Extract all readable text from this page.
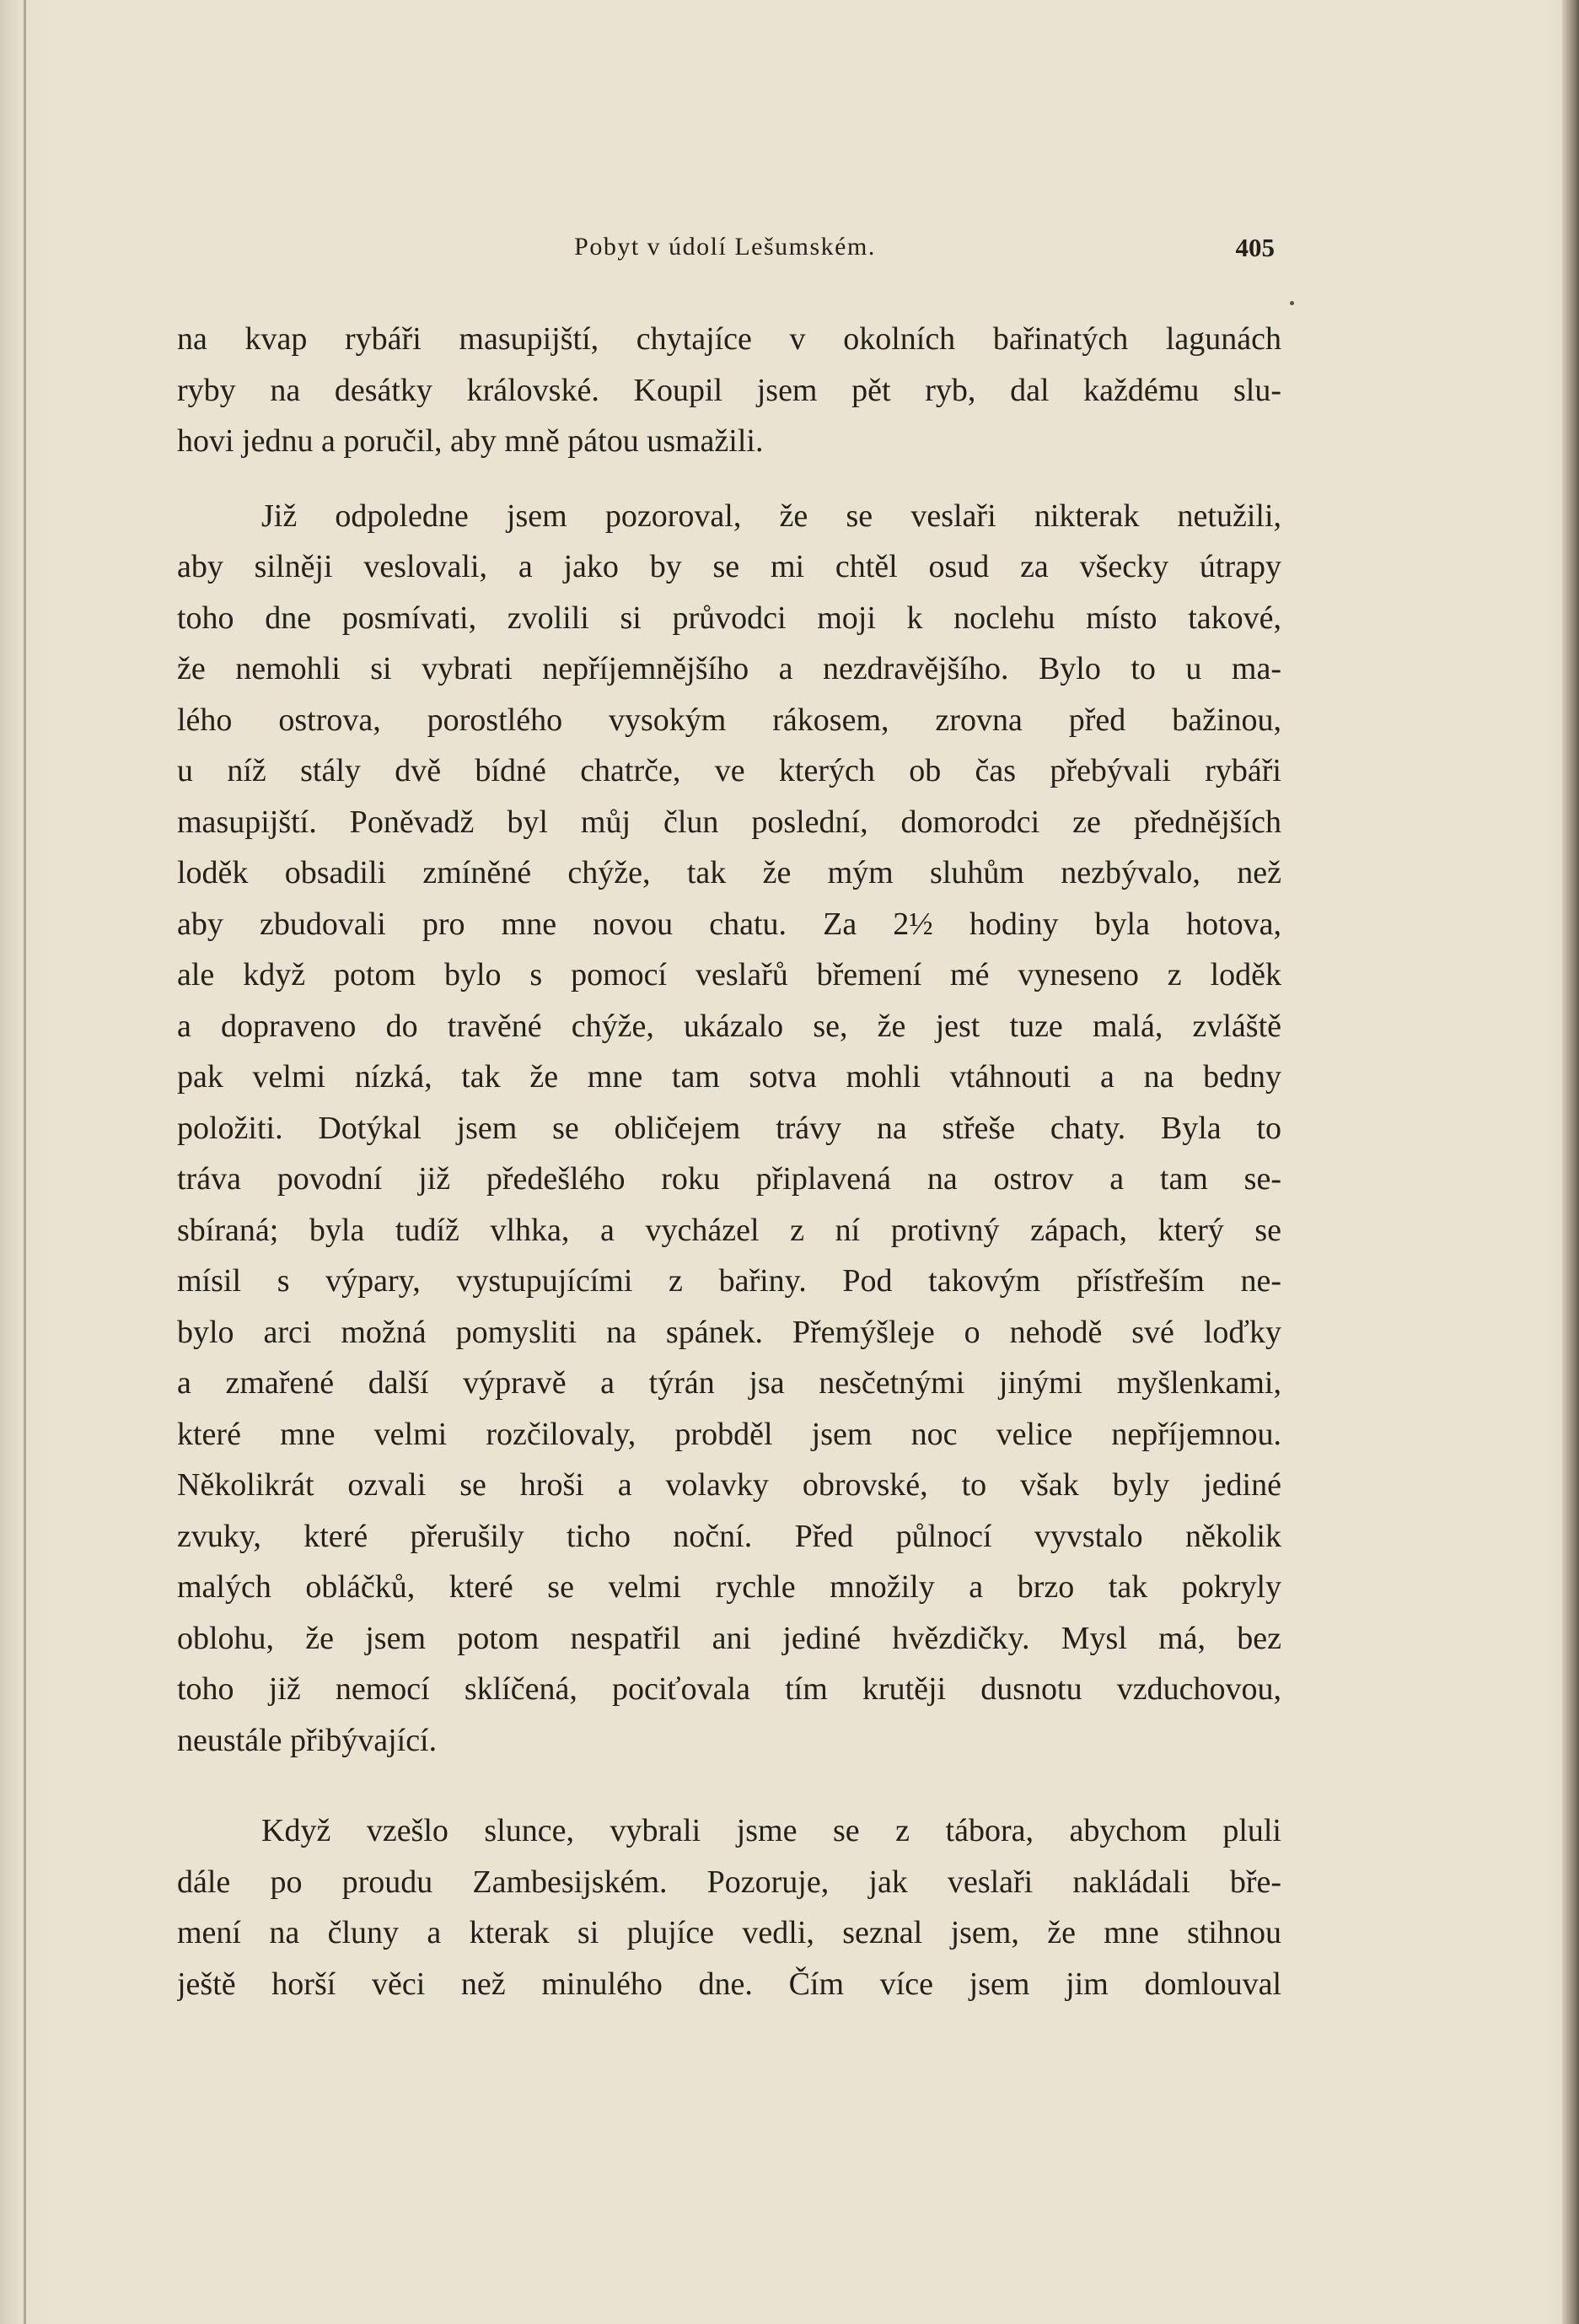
Pobyt v údolí Lešumském.	405
na kvap rybáři masupijští, chytajíce v okolních bařinatých lagunách
ryby na desátky královské. Koupil jsem pět ryb, dal každému slu-
hovi jednu a poručil, aby mně pátou usmažili.
Již odpoledne jsem pozoroval, že se veslaři nikterak netužili,
aby silněji veslovali, a jako by se mi chtěl osud za všecky útrapy
toho dne posmívati, zvolili si průvodci moji k noclehu místo takové,
že nemohli si vybrati nepříjemnějšího a nezdravějšího. Bylo to u ma-
lého ostrova, porostlého vysokým rákosem, zrovna před bažinou,
u níž stály dvě bídné chatrče, ve kterých ob čas přebývali rybáři
masupijští. Poněvadž byl můj člun poslední, domorodci ze přednějších
loděk obsadili zmíněné chýže, tak že mým sluhům nezbývalo, než
aby zbudovali pro mne novou chatu. Za 2½ hodiny byla hotova,
ale když potom bylo s pomocí veslařů břemení mé vyneseno z loděk
a dopraveno do travěné chýže, ukázalo se, že jest tuze malá, zvláště
pak velmi nízká, tak že mne tam sotva mohli vtáhnouti a na bedny
položiti. Dotýkal jsem se obličejem trávy na střeše chaty. Byla to
tráva povodní již předešlého roku připlavená na ostrov a tam se-
sbíraná; byla tudíž vlhka, a vycházel z ní protivný zápach, který se
mísil s výpary, vystupujícími z bařiny. Pod takovým přístřeším ne-
bylo arci možná pomysliti na spánek. Přemýšleje o nehodě své loďky
a zmařené další výpravě a týrán jsa nesčetnými jinými myšlenkami,
které mne velmi rozčilovaly, probděl jsem noc velice nepříjemnou.
Několikrát ozvali se hroši a volavky obrovské, to však byly jediné
zvuky, které přerušily ticho noční. Před půlnocí vyvstalo několik
malých obláčků, které se velmi rychle množily a brzo tak pokryly
oblohu, že jsem potom nespatřil ani jediné hvězdičky. Mysl má, bez
toho již nemocí sklíčená, pociťovala tím krutěji dusnotu vzduchovou,
neustále přibývající.
Když vzešlo slunce, vybrali jsme se z tábora, abychom pluli
dále po proudu Zambesijském. Pozoruje, jak veslaři nakládali bře-
mení na čluny a kterak si plujíce vedli, seznal jsem, že mne stihnou
ještě horší věci než minulého dne. Čím více jsem jim domlouval
